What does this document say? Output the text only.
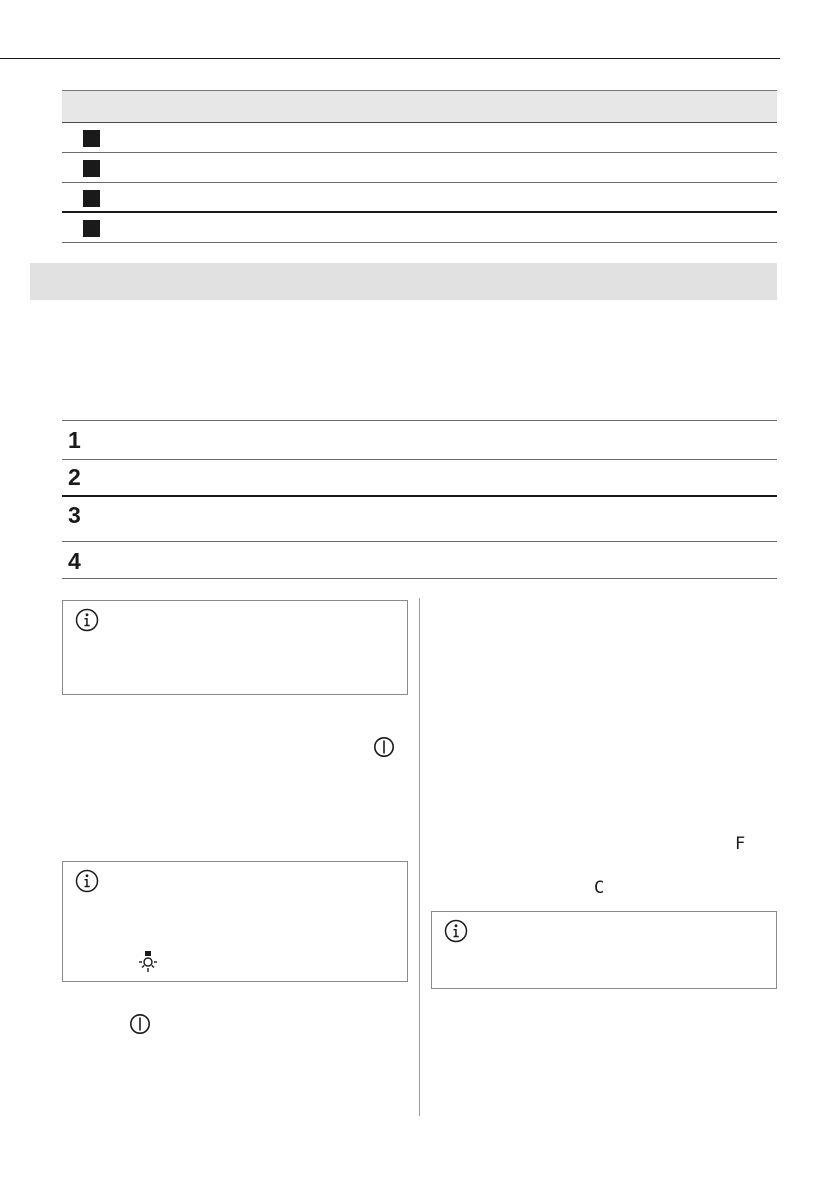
1
2
3
4
F
C
